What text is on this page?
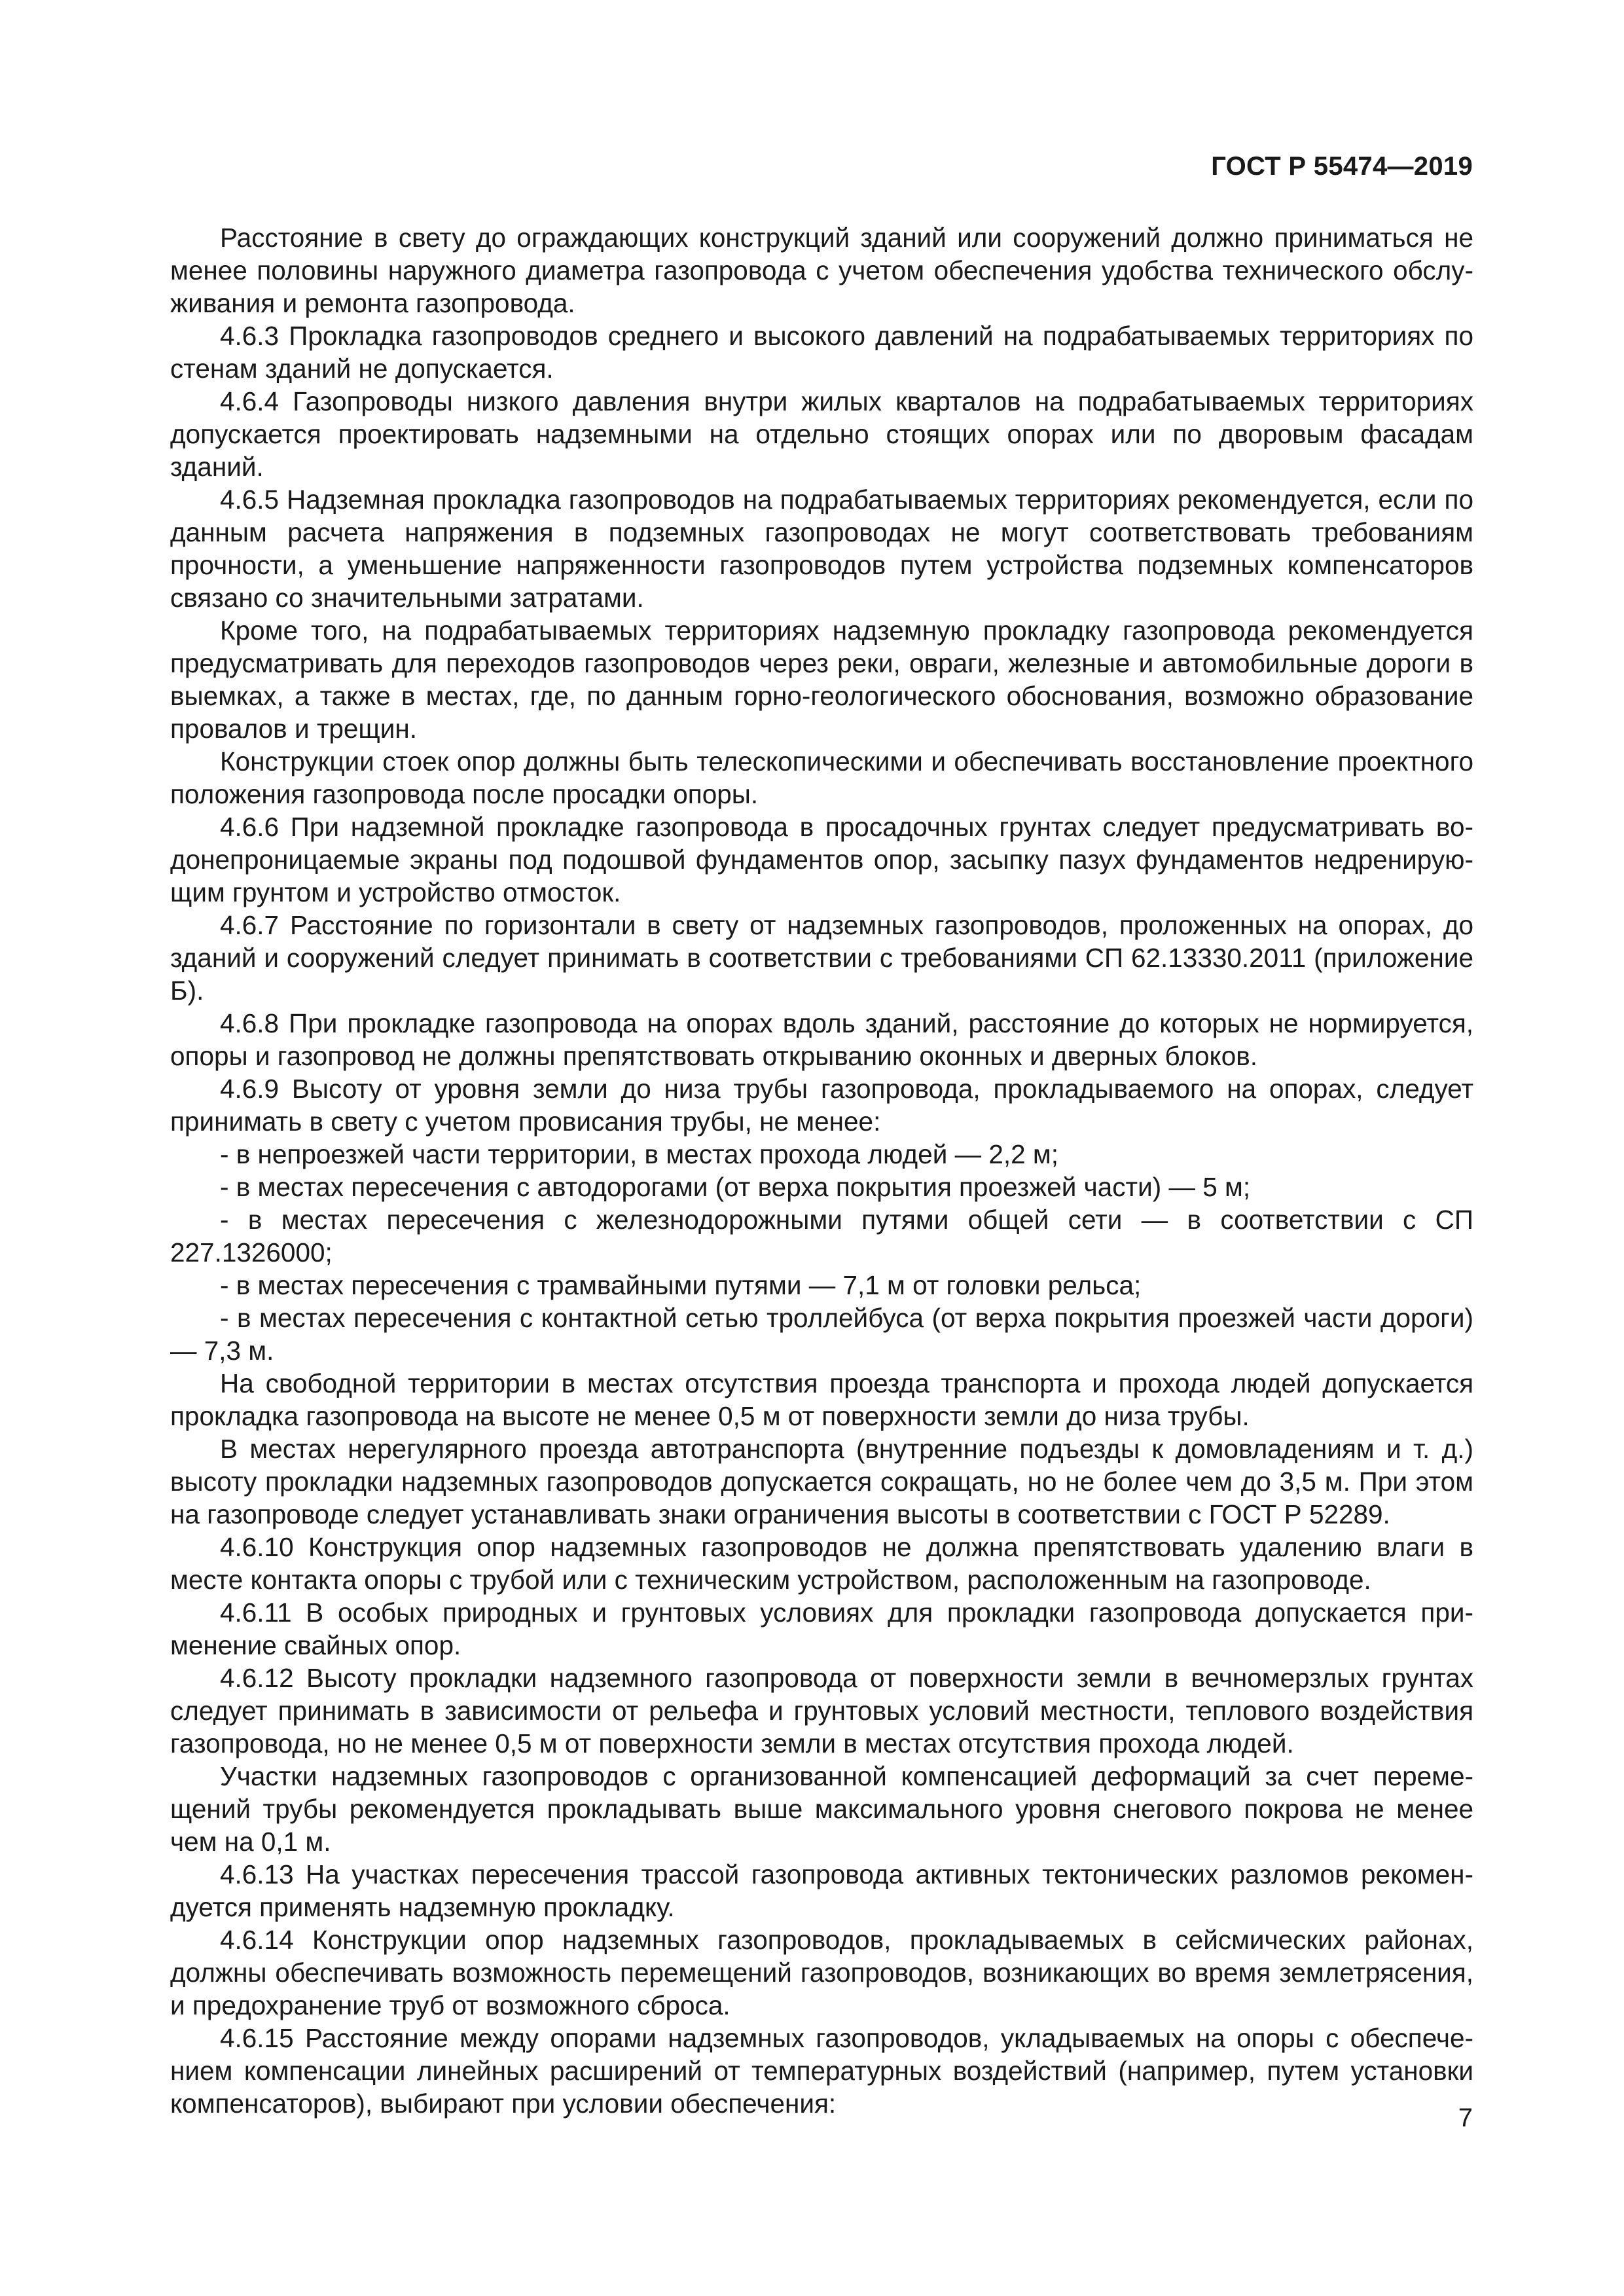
ГОСТ Р 55474—2019

Расстояние в свету до ограждающих конструкций зданий или сооружений должно приниматься не менее половины наружного диаметра газопровода с учетом обеспечения удобства технического обслуживания и ремонта газопровода.

4.6.3 Прокладка газопроводов среднего и высокого давлений на подрабатываемых территориях по стенам зданий не допускается.

4.6.4 Газопроводы низкого давления внутри жилых кварталов на подрабатываемых территориях допускается проектировать надземными на отдельно стоящих опорах или по дворовым фасадам зданий.

4.6.5 Надземная прокладка газопроводов на подрабатываемых территориях рекомендуется, если по данным расчета напряжения в подземных газопроводах не могут соответствовать требованиям прочности, а уменьшение напряженности газопроводов путем устройства подземных компенсаторов связано со значительными затратами.

Кроме того, на подрабатываемых территориях надземную прокладку газопровода рекомендуется предусматривать для переходов газопроводов через реки, овраги, железные и автомобильные дороги в выемках, а также в местах, где, по данным горно-геологического обоснования, возможно образование провалов и трещин.

Конструкции стоек опор должны быть телескопическими и обеспечивать восстановление проектного положения газопровода после просадки опоры.

4.6.6 При надземной прокладке газопровода в просадочных грунтах следует предусматривать водонепроницаемые экраны под подошвой фундаментов опор, засыпку пазух фундаментов недренирующим грунтом и устройство отмосток.

4.6.7 Расстояние по горизонтали в свету от надземных газопроводов, проложенных на опорах, до зданий и сооружений следует принимать в соответствии с требованиями СП 62.13330.2011 (приложение Б).

4.6.8 При прокладке газопровода на опорах вдоль зданий, расстояние до которых не нормируется, опоры и газопровод не должны препятствовать открыванию оконных и дверных блоков.

4.6.9 Высоту от уровня земли до низа трубы газопровода, прокладываемого на опорах, следует принимать в свету с учетом провисания трубы, не менее:

- в непроезжей части территории, в местах прохода людей — 2,2 м;

- в местах пересечения с автодорогами (от верха покрытия проезжей части) — 5 м;

- в местах пересечения с железнодорожными путями общей сети — в соответствии с СП 227.1326000;

- в местах пересечения с трамвайными путями — 7,1 м от головки рельса;

- в местах пересечения с контактной сетью троллейбуса (от верха покрытия проезжей части дороги) — 7,3 м.

На свободной территории в местах отсутствия проезда транспорта и прохода людей допускается прокладка газопровода на высоте не менее 0,5 м от поверхности земли до низа трубы.

В местах нерегулярного проезда автотранспорта (внутренние подъезды к домовладениям и т. д.) высоту прокладки надземных газопроводов допускается сокращать, но не более чем до 3,5 м. При этом на газопроводе следует устанавливать знаки ограничения высоты в соответствии с ГОСТ Р 52289.

4.6.10 Конструкция опор надземных газопроводов не должна препятствовать удалению влаги в месте контакта опоры с трубой или с техническим устройством, расположенным на газопроводе.

4.6.11 В особых природных и грунтовых условиях для прокладки газопровода допускается применение свайных опор.

4.6.12 Высоту прокладки надземного газопровода от поверхности земли в вечномерзлых грунтах следует принимать в зависимости от рельефа и грунтовых условий местности, теплового воздействия газопровода, но не менее 0,5 м от поверхности земли в местах отсутствия прохода людей.

Участки надземных газопроводов с организованной компенсацией деформаций за счет перемещений трубы рекомендуется прокладывать выше максимального уровня снегового покрова не менее чем на 0,1 м.

4.6.13 На участках пересечения трассой газопровода активных тектонических разломов рекомендуется применять надземную прокладку.

4.6.14 Конструкции опор надземных газопроводов, прокладываемых в сейсмических районах, должны обеспечивать возможность перемещений газопроводов, возникающих во время землетрясения, и предохранение труб от возможного сброса.

4.6.15 Расстояние между опорами надземных газопроводов, укладываемых на опоры с обеспечением компенсации линейных расширений от температурных воздействий (например, путем установки компенсаторов), выбирают при условии обеспечения:	7
